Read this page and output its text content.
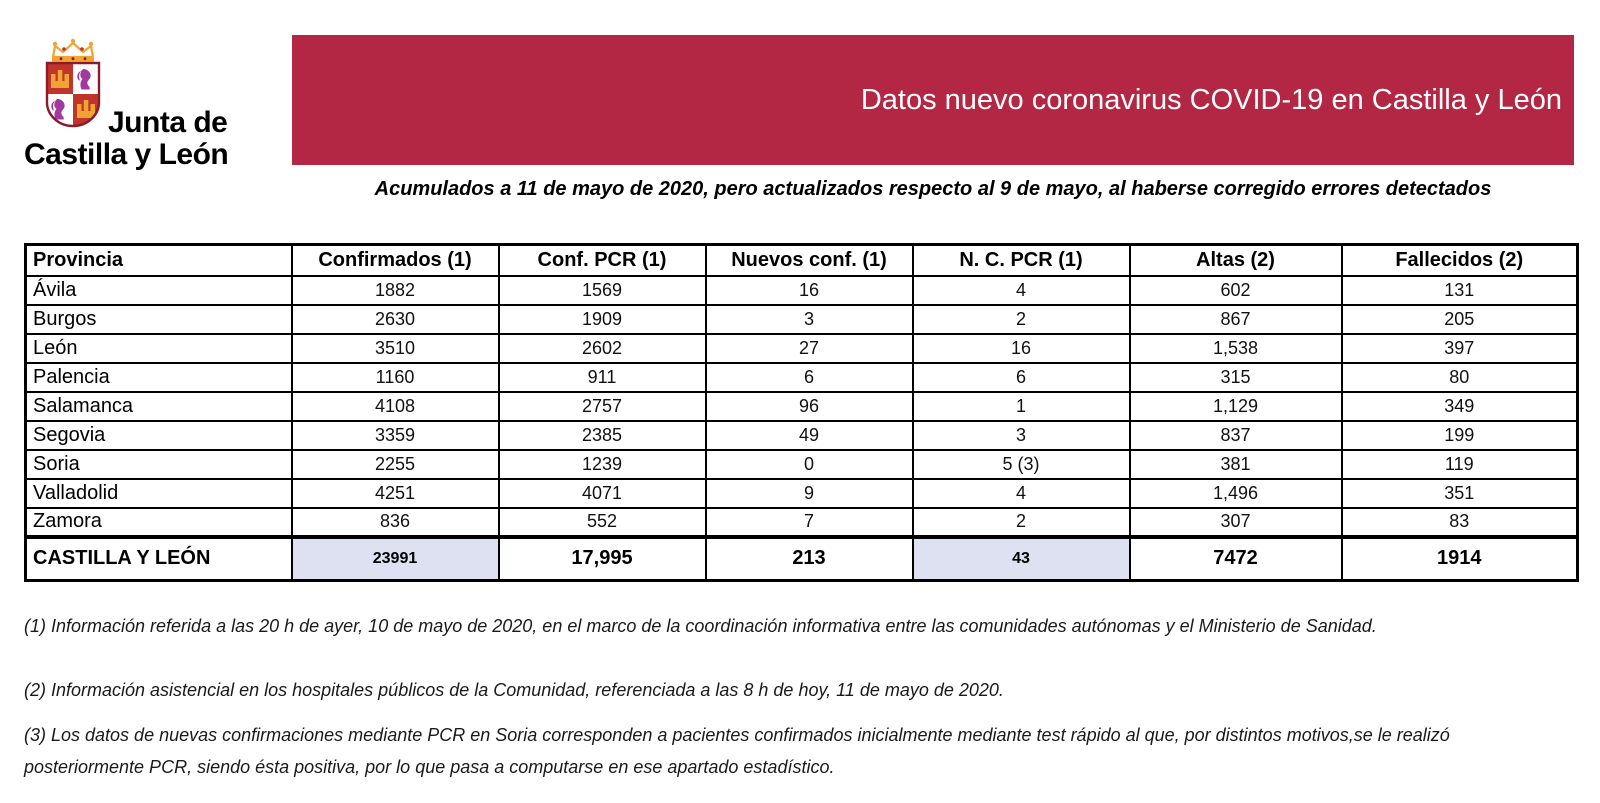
Junta de
Castilla y León
Datos nuevo coronavirus COVID-19 en Castilla y León
Acumulados a 11 de mayo de 2020, pero actualizados respecto al 9 de mayo, al haberse corregido errores detectados
Provincia	Confirmados (1)	Conf. PCR (1)	Nuevos conf. (1)	N. C. PCR (1)	Altas (2)	Fallecidos (2)
Ávila	1882	1569	16	4	602	131
Burgos	2630	1909	3	2	867	205
León	3510	2602	27	16	1,538	397
Palencia	1160	911	6	6	315	80
Salamanca	4108	2757	96	1	1,129	349
Segovia	3359	2385	49	3	837	199
Soria	2255	1239	0	5 (3)	381	119
Valladolid	4251	4071	9	4	1,496	351
Zamora	836	552	7	2	307	83
CASTILLA Y LEÓN	23991	17,995	213	43	7472	1914

(1) Información referida a las 20 h de ayer, 10 de mayo de 2020, en el marco de la coordinación informativa entre las comunidades autónomas y el Ministerio de Sanidad.

(2) Información asistencial en los hospitales públicos de la Comunidad, referenciada a las 8 h de hoy, 11 de mayo de 2020.

(3) Los datos de nuevas confirmaciones mediante PCR en Soria corresponden a pacientes confirmados inicialmente mediante test rápido al que, por distintos motivos,se le realizó posteriormente PCR, siendo ésta positiva, por lo que pasa a computarse en ese apartado estadístico.
